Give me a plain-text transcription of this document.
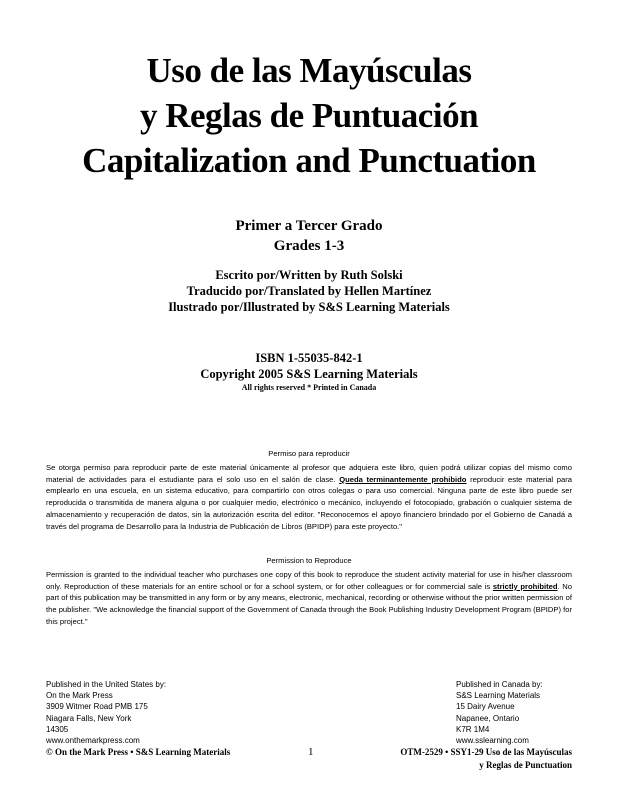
Uso de las Mayúsculas
y Reglas de Puntuación
Capitalization and Punctuation
Primer a Tercer Grado
Grades 1-3
Escrito por/Written by Ruth Solski
Traducido por/Translated by Hellen Martínez
Ilustrado por/Illustrated by S&S Learning Materials
ISBN 1-55035-842-1
Copyright 2005 S&S Learning Materials
All rights reserved * Printed in Canada
Permiso para reproducir
Se otorga permiso para reproducir parte de este material únicamente al profesor que adquiera este libro, quien podrá utilizar copias del mismo como material de actividades para el estudiante para el solo uso en el salón de clase. Queda terminantemente prohibido reproducir este material para emplearlo en una escuela, en un sistema educativo, para compartirlo con otros colegas o para uso comercial. Ninguna parte de este libro puede ser reproducida o transmitida de manera alguna o por cualquier medio, electrónico o mecánico, incluyendo el fotocopiado, grabación o cualquier sistema de almacenamiento y recuperación de datos, sin la autorización escrita del editor. "Reconocemos el apoyo financiero brindado por el Gobierno de Canadá a través del programa de Desarrollo para la Industria de Publicación de Libros (BPIDP) para este proyecto."
Permission to Reproduce
Permission is granted to the individual teacher who purchases one copy of this book to reproduce the student activity material for use in his/her classroom only. Reproduction of these materials for an entire school or for a school system, or for other colleagues or for commercial sale is strictly prohibited. No part of this publication may be transmitted in any form or by any means, electronic, mechanical, recording or otherwise without the prior written permission of the publisher. "We acknowledge the financial support of the Government of Canada through the Book Publishing Industry Development Program (BPIDP) for this project."
Published in the United States by:
On the Mark Press
3909 Witmer Road PMB 175
Niagara Falls, New York
14305
www.onthemarkpress.com
Published in Canada by:
S&S Learning Materials
15 Dairy Avenue
Napanee, Ontario
K7R 1M4
www.sslearning.com
© On the Mark Press • S&S Learning Materials	1	OTM-2529 • SSY1-29 Uso de las Mayúsculas
y Reglas de Punctuation
